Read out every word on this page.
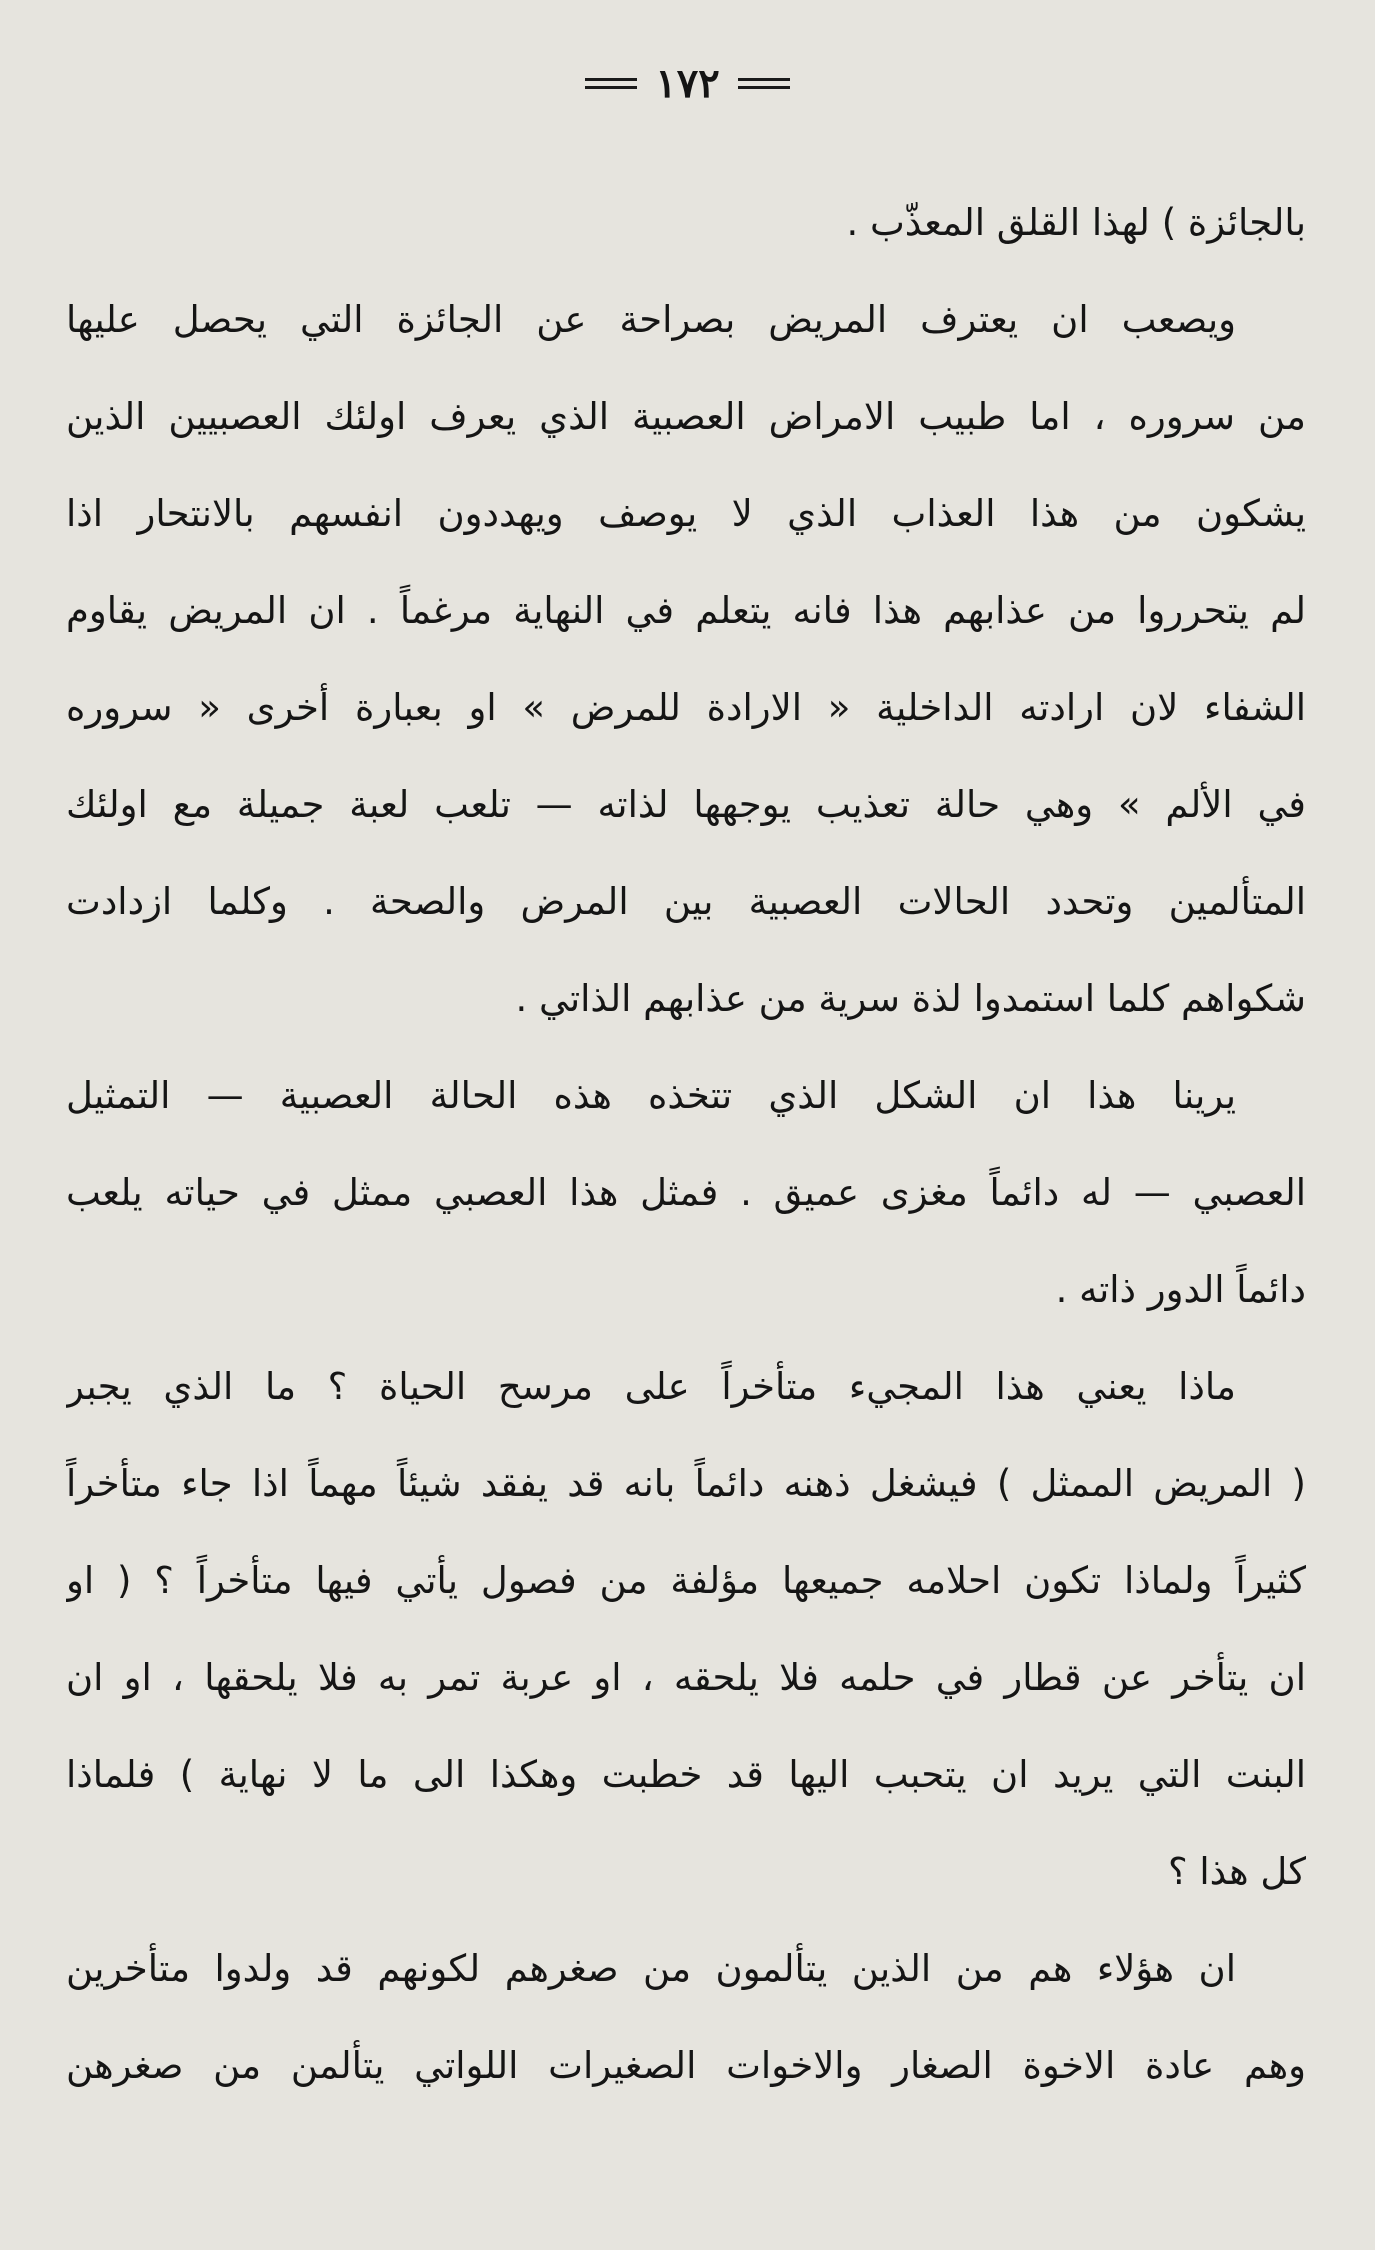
١٧٢
بالجائزة ) لهذا القلق المعذّب .
ويصعب ان يعترف المريض بصراحة عن الجائزة التي يحصل عليها
من سروره ، اما طبيب الامراض العصبية الذي يعرف اولئك العصبيين الذين
يشكون من هذا العذاب الذي لا يوصف ويهددون انفسهم بالانتحار اذا
لم يتحرروا من عذابهم هذا فانه يتعلم في النهاية مرغماً . ان المريض يقاوم
الشفاء لان ارادته الداخلية « الارادة للمرض » او بعبارة أخرى « سروره
في الألم » وهي حالة تعذيب يوجهها لذاته — تلعب لعبة جميلة مع اولئك
المتألمين وتحدد الحالات العصبية بين المرض والصحة . وكلما ازدادت
شكواهم كلما استمدوا لذة سرية من عذابهم الذاتي .
يرينا هذا ان الشكل الذي تتخذه هذه الحالة العصبية — التمثيل
العصبي — له دائماً مغزى عميق . فمثل هذا العصبي ممثل في حياته يلعب
دائماً الدور ذاته .
ماذا يعني هذا المجيء متأخراً على مرسح الحياة ؟ ما الذي يجبر
( المريض الممثل ) فيشغل ذهنه دائماً بانه قد يفقد شيئاً مهماً اذا جاء متأخراً
كثيراً ولماذا تكون احلامه جميعها مؤلفة من فصول يأتي فيها متأخراً ؟ ( او
ان يتأخر عن قطار في حلمه فلا يلحقه ، او عربة تمر به فلا يلحقها ، او ان
البنت التي يريد ان يتحبب اليها قد خطبت وهكذا الى ما لا نهاية ) فلماذا
كل هذا ؟
ان هؤلاء هم من الذين يتألمون من صغرهم لكونهم قد ولدوا متأخرين
وهم عادة الاخوة الصغار والاخوات الصغيرات اللواتي يتألمن من صغرهن
